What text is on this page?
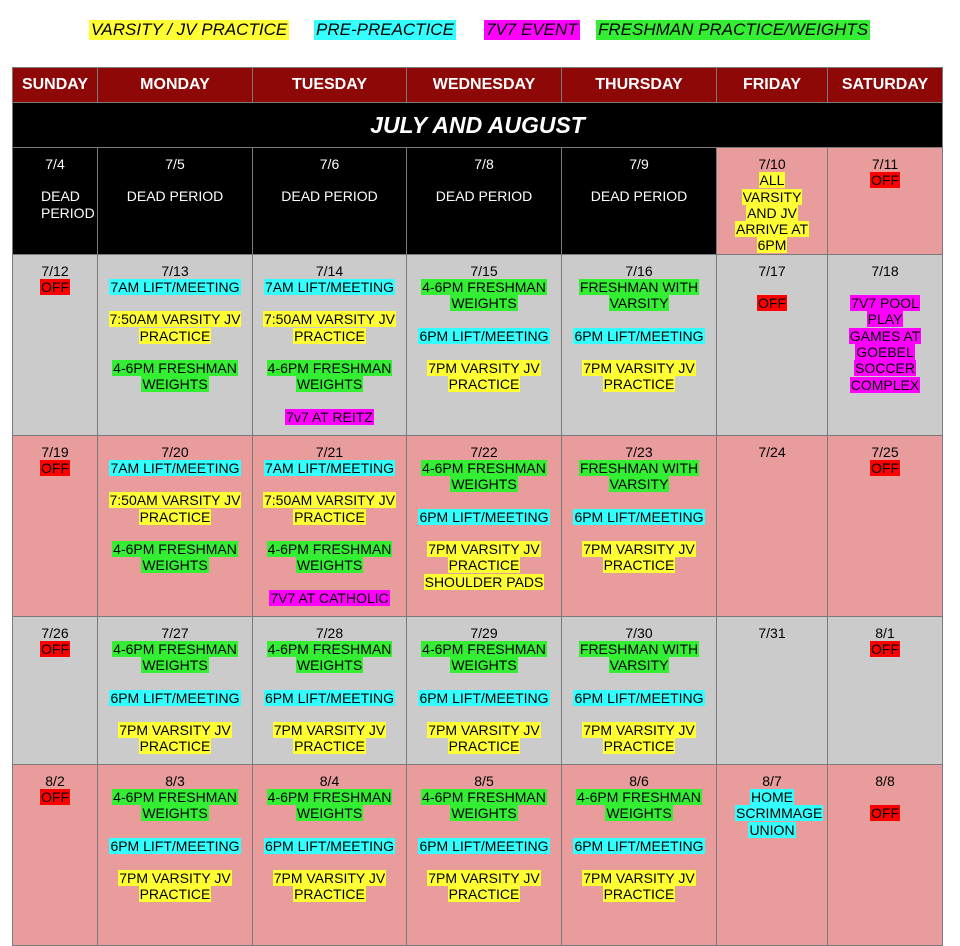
VARSITY / JV PRACTICE PRE-PREACTICE 7V7 EVENT FRESHMAN PRACTICE/WEIGHTS
SUNDAY	MONDAY	TUESDAY	WEDNESDAY	THURSDAY	FRIDAY	SATURDAY
JULY AND AUGUST						

7/4
DEAD PERIOD	7/5
DEAD PERIOD	7/6
DEAD PERIOD	7/8
DEAD PERIOD	7/9
DEAD PERIOD	7/10
ALL VARSITY AND JV ARRIVE AT 6PM	7/11
OFF

7/12
OFF	7/13
7AM LIFT/MEETING
7:50AM VARSITY JV PRACTICE
4-6PM FRESHMAN WEIGHTS	7/14
7AM LIFT/MEETING
7:50AM VARSITY JV PRACTICE
4-6PM FRESHMAN WEIGHTS
7v7 AT REITZ	7/15
4-6PM FRESHMAN WEIGHTS
6PM LIFT/MEETING
7PM VARSITY JV PRACTICE	7/16
FRESHMAN WITH VARSITY
6PM LIFT/MEETING
7PM VARSITY JV PRACTICE	7/17
OFF	7/18
7V7 POOL PLAY GAMES AT GOEBEL SOCCER COMPLEX

7/19
OFF	7/20
7AM LIFT/MEETING
7:50AM VARSITY JV PRACTICE
4-6PM FRESHMAN WEIGHTS	7/21
7AM LIFT/MEETING
7:50AM VARSITY JV PRACTICE
4-6PM FRESHMAN WEIGHTS
7V7 AT CATHOLIC	7/22
4-6PM FRESHMAN WEIGHTS
6PM LIFT/MEETING
7PM VARSITY JV PRACTICE SHOULDER PADS	7/23
FRESHMAN WITH VARSITY
6PM LIFT/MEETING
7PM VARSITY JV PRACTICE	7/24	7/25
OFF

7/26
OFF	7/27
4-6PM FRESHMAN WEIGHTS
6PM LIFT/MEETING
7PM VARSITY JV PRACTICE	7/28
4-6PM FRESHMAN WEIGHTS
6PM LIFT/MEETING
7PM VARSITY JV PRACTICE	7/29
4-6PM FRESHMAN WEIGHTS
6PM LIFT/MEETING
7PM VARSITY JV PRACTICE	7/30
FRESHMAN WITH VARSITY
6PM LIFT/MEETING
7PM VARSITY JV PRACTICE	7/31	8/1
OFF

8/2
OFF	8/3
4-6PM FRESHMAN WEIGHTS
6PM LIFT/MEETING
7PM VARSITY JV PRACTICE	8/4
4-6PM FRESHMAN WEIGHTS
6PM LIFT/MEETING
7PM VARSITY JV PRACTICE	8/5
4-6PM FRESHMAN WEIGHTS
6PM LIFT/MEETING
7PM VARSITY JV PRACTICE	8/6
4-6PM FRESHMAN WEIGHTS
6PM LIFT/MEETING
7PM VARSITY JV PRACTICE	8/7
HOME SCRIMMAGE UNION	8/8
OFF
